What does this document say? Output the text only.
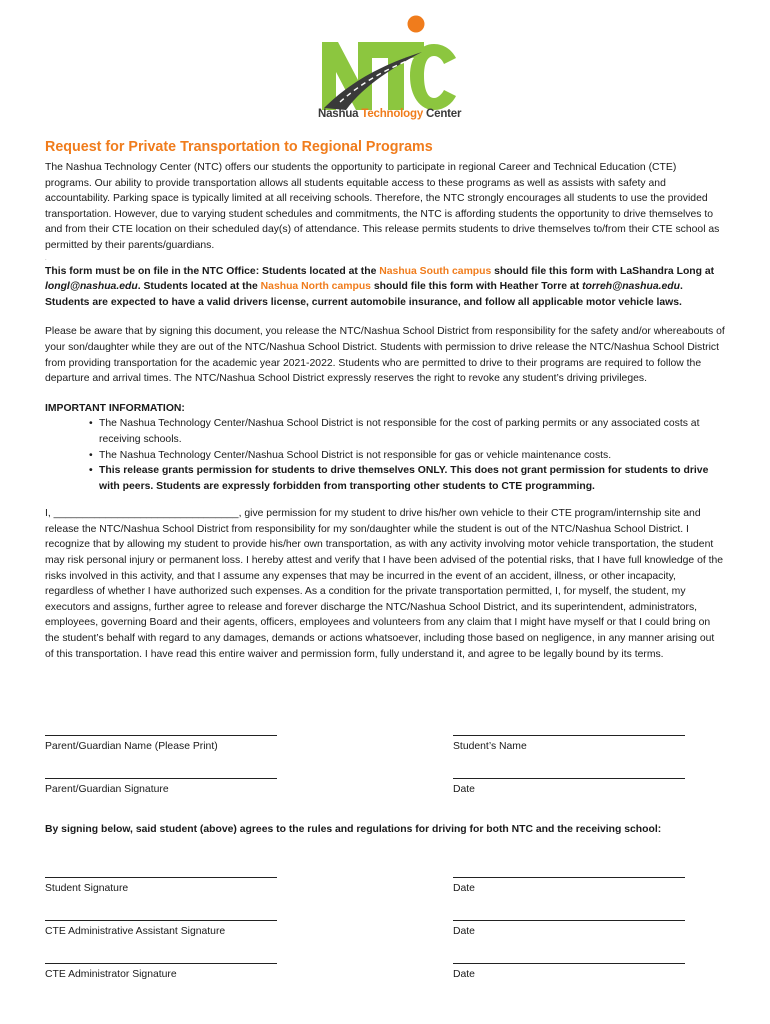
Nashua Technology Center
Request for Private Transportation to Regional Programs

The Nashua Technology Center (NTC) offers our students the opportunity to participate in regional Career and Technical Education (CTE) programs. Our ability to provide transportation allows all students equitable access to these programs as well as assists with safety and accountability. Parking space is typically limited at all receiving schools. Therefore, the NTC strongly encourages all students to use the provided transportation. However, due to varying student schedules and commitments, the NTC is affording students the opportunity to drive themselves to and from their CTE location on their scheduled day(s) of attendance. This release permits students to drive themselves to/from their CTE school as permitted by their parents/guardians.

.

This form must be on file in the NTC Office: Students located at the Nashua South campus should file this form with LaShandra Long at longl@nashua.edu. Students located at the Nashua North campus should file this form with Heather Torre at torreh@nashua.edu. Students are expected to have a valid drivers license, current automobile insurance, and follow all applicable motor vehicle laws.

Please be aware that by signing this document, you release the NTC/Nashua School District from responsibility for the safety and/or whereabouts of your son/daughter while they are out of the NTC/Nashua School District. Students with permission to drive release the NTC/Nashua School District from providing transportation for the academic year 2021-2022. Students who are permitted to drive to their programs are required to follow the departure and arrival times. The NTC/Nashua School District expressly reserves the right to revoke any student’s driving privileges.

IMPORTANT INFORMATION:

• The Nashua Technology Center/Nashua School District is not responsible for the cost of parking permits or any associated costs at receiving schools.
• The Nashua Technology Center/Nashua School District is not responsible for gas or vehicle maintenance costs.
• This release grants permission for students to drive themselves ONLY. This does not grant permission for students to drive with peers. Students are expressly forbidden from transporting other students to CTE programming.

I, ________________________________, give permission for my student to drive his/her own vehicle to their CTE program/internship site and release the NTC/Nashua School District from responsibility for my son/daughter while the student is out of the NTC/Nashua School District. I recognize that by allowing my student to provide his/her own transportation, as with any activity involving motor vehicle transportation, the student may risk personal injury or permanent loss. I hereby attest and verify that I have been advised of the potential risks, that I have full knowledge of the risks involved in this activity, and that I assume any expenses that may be incurred in the event of an accident, illness, or other incapacity, regardless of whether I have authorized such expenses. As a condition for the private transportation permitted, I, for myself, the student, my executors and assigns, further agree to release and forever discharge the NTC/Nashua School District, and its superintendent, administrators, employees, governing Board and their agents, officers, employees and volunteers from any claim that I might have myself or that I could bring on the student’s behalf with regard to any damages, demands or actions whatsoever, including those based on negligence, in any manner arising out of this transportation. I have read this entire waiver and permission form, fully understand it, and agree to be legally bound by its terms.

Parent/Guardian Name (Please Print)	Student’s Name
Parent/Guardian Signature	Date
By signing below, said student (above) agrees to the rules and regulations for driving for both NTC and the receiving school:
Student Signature	Date
CTE Administrative Assistant Signature	Date
CTE Administrator Signature	Date
